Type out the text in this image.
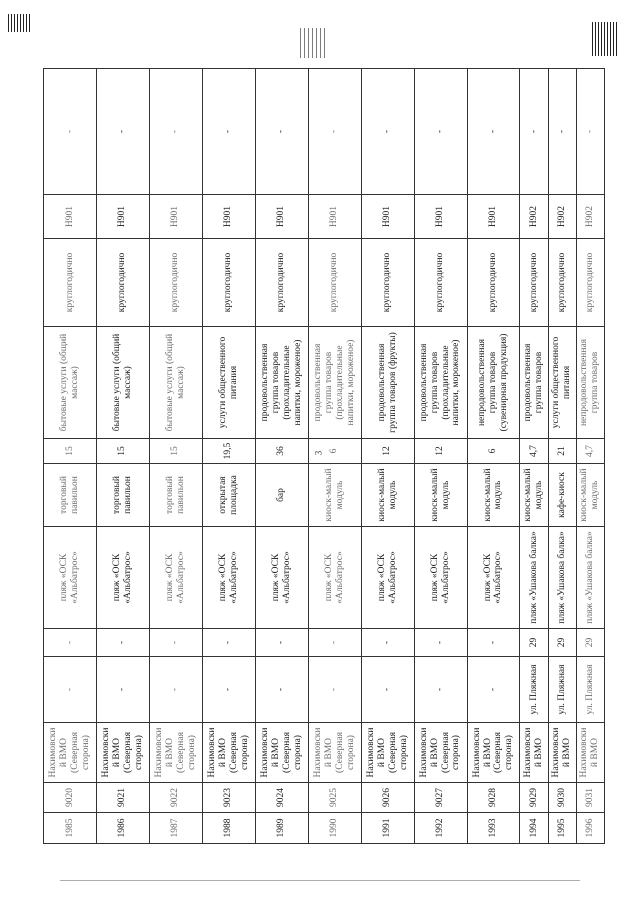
3
1985	9020	Нахимовский ВМО (Северная сторона)	-	-	пляж «ОСК «Альбатрос»	торговый павильон	15	бытовые услуги (общий массаж)	круглогодично	Н901	-
1986	9021	Нахимовский ВМО (Северная сторона)	-	-	пляж «ОСК «Альбатрос»	торговый павильон	15	бытовые услуги (общий массаж)	круглогодично	Н901	-
1987	9022	Нахимовский ВМО (Северная сторона)	-	-	пляж «ОСК «Альбатрос»	торговый павильон	15	бытовые услуги (общий массаж)	круглогодично	Н901	-
1988	9023	Нахимовский ВМО (Северная сторона)	-	-	пляж «ОСК «Альбатрос»	открытая площадка	19,5	услуги общественного питания	круглогодично	Н901	-
1989	9024	Нахимовский ВМО (Северная сторона)	-	-	пляж «ОСК «Альбатрос»	бар	36	продовольственная группа товаров (прохладительные напитки, мороженое)	круглогодично	Н901	-
1990	9025	Нахимовский ВМО (Северная сторона)	-	-	пляж «ОСК «Альбатрос»	киоск-малый модуль	6	продовольственная группа товаров (прохладительные напитки, мороженое)	круглогодично	Н901	-
1991	9026	Нахимовский ВМО (Северная сторона)	-	-	пляж «ОСК «Альбатрос»	киоск-малый модуль	12	продовольственная группа товаров (фрукты)	круглогодично	Н901	-
1992	9027	Нахимовский ВМО (Северная сторона)	-	-	пляж «ОСК «Альбатрос»	киоск-малый модуль	12	продовольственная группа товаров (прохладительные напитки, мороженое)	круглогодично	Н901	-
1993	9028	Нахимовский ВМО (Северная сторона)	-	-	пляж «ОСК «Альбатрос»	киоск-малый модуль	6	непродовольственная группа товаров (сувенирная продукция)	круглогодично	Н901	-
1994	9029	Нахимовский ВМО	ул. Пляжная	29	пляж «Ушакова балка»	киоск-малый модуль	4,7	продовольственная группа товаров	круглогодично	Н902	-
1995	9030	Нахимовский ВМО	ул. Пляжная	29	пляж «Ушакова балка»	кафе-киоск	21	услуги общественного питания	круглогодично	Н902	-
1996	9031	Нахимовский ВМО	ул. Пляжная	29	пляж «Ушакова балка»	киоск-малый модуль	4,7	непродовольственная группа товаров	круглогодично	Н902	-
